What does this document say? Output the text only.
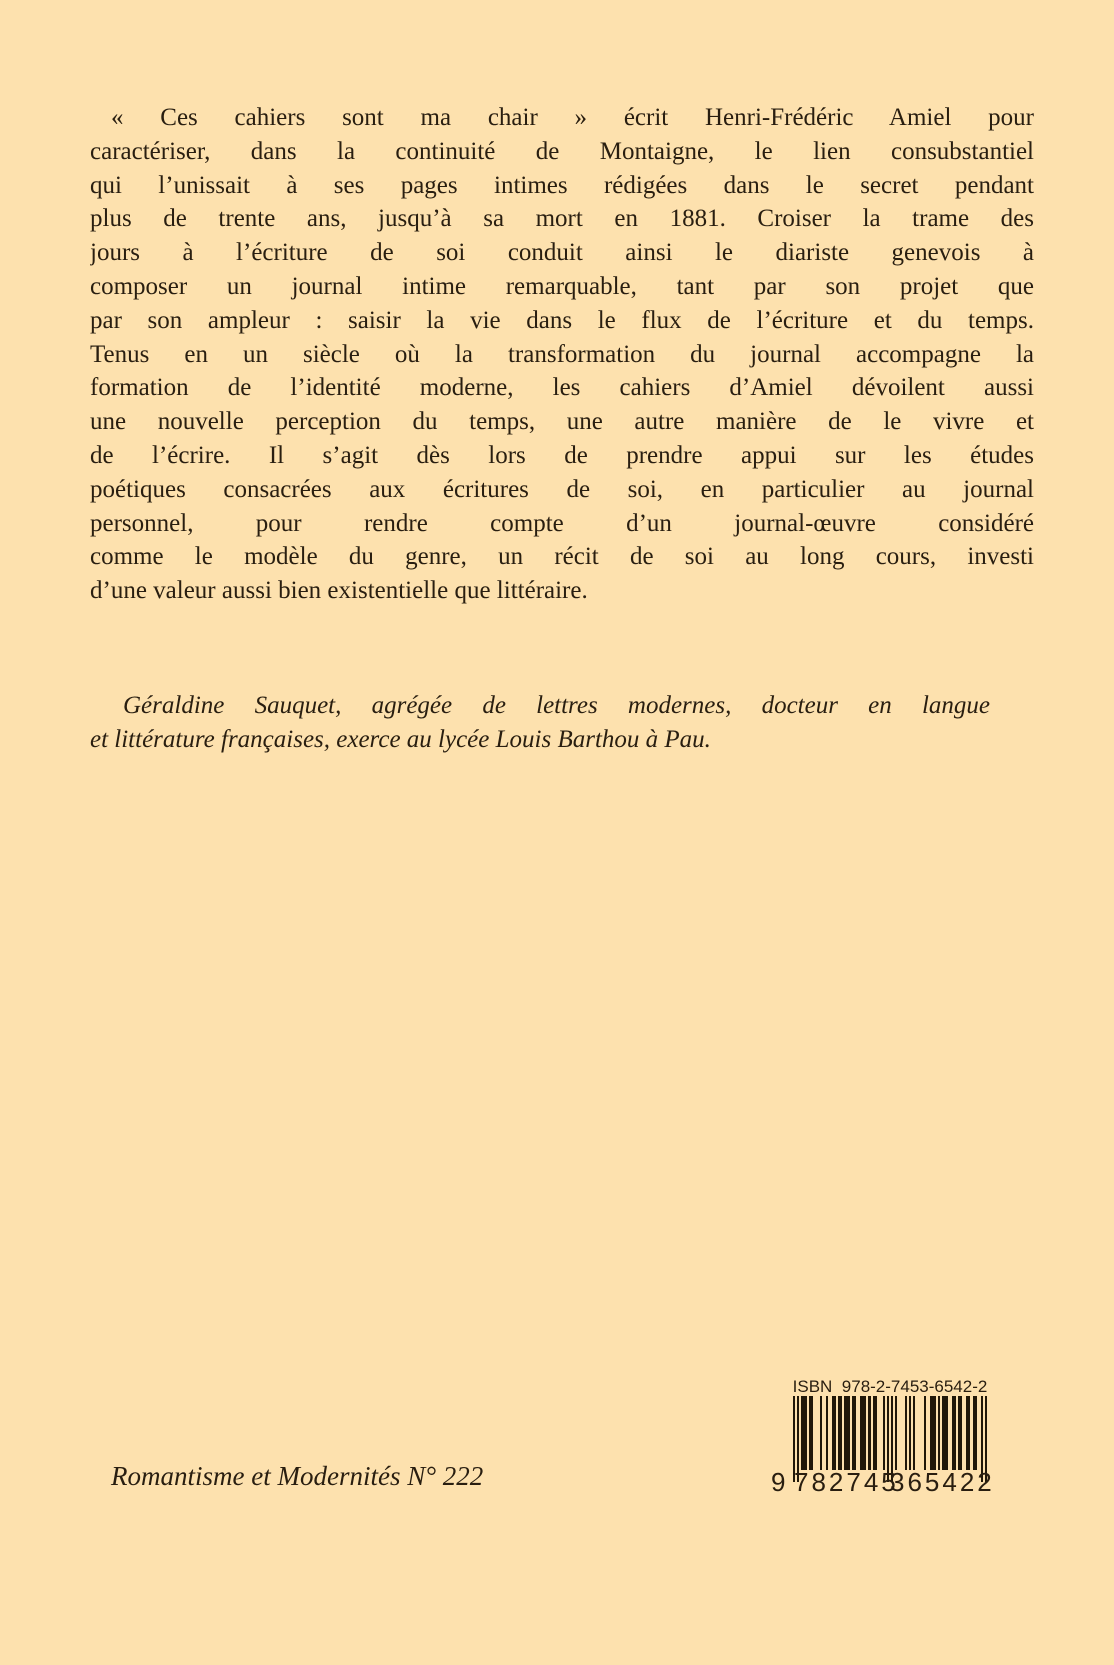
« Ces cahiers sont ma chair » écrit Henri-Frédéric Amiel pour
caractériser, dans la continuité de Montaigne, le lien consubstantiel
qui l’unissait à ses pages intimes rédigées dans le secret pendant
plus de trente ans, jusqu’à sa mort en 1881. Croiser la trame des
jours à l’écriture de soi conduit ainsi le diariste genevois à
composer un journal intime remarquable, tant par son projet que
par son ampleur : saisir la vie dans le flux de l’écriture et du temps.
Tenus en un siècle où la transformation du journal accompagne la
formation de l’identité moderne, les cahiers d’Amiel dévoilent aussi
une nouvelle perception du temps, une autre manière de le vivre et
de l’écrire. Il s’agit dès lors de prendre appui sur les études
poétiques consacrées aux écritures de soi, en particulier au journal
personnel, pour rendre compte d’un journal-œuvre considéré
comme le modèle du genre, un récit de soi au long cours, investi
d’une valeur aussi bien existentielle que littéraire.
Géraldine Sauquet, agrégée de lettres modernes, docteur en langue
et littérature françaises, exerce au lycée Louis Barthou à Pau.
Romantisme et Modernités N° 222
ISBN  978-2-7453-6542-2
9 782745
365422
